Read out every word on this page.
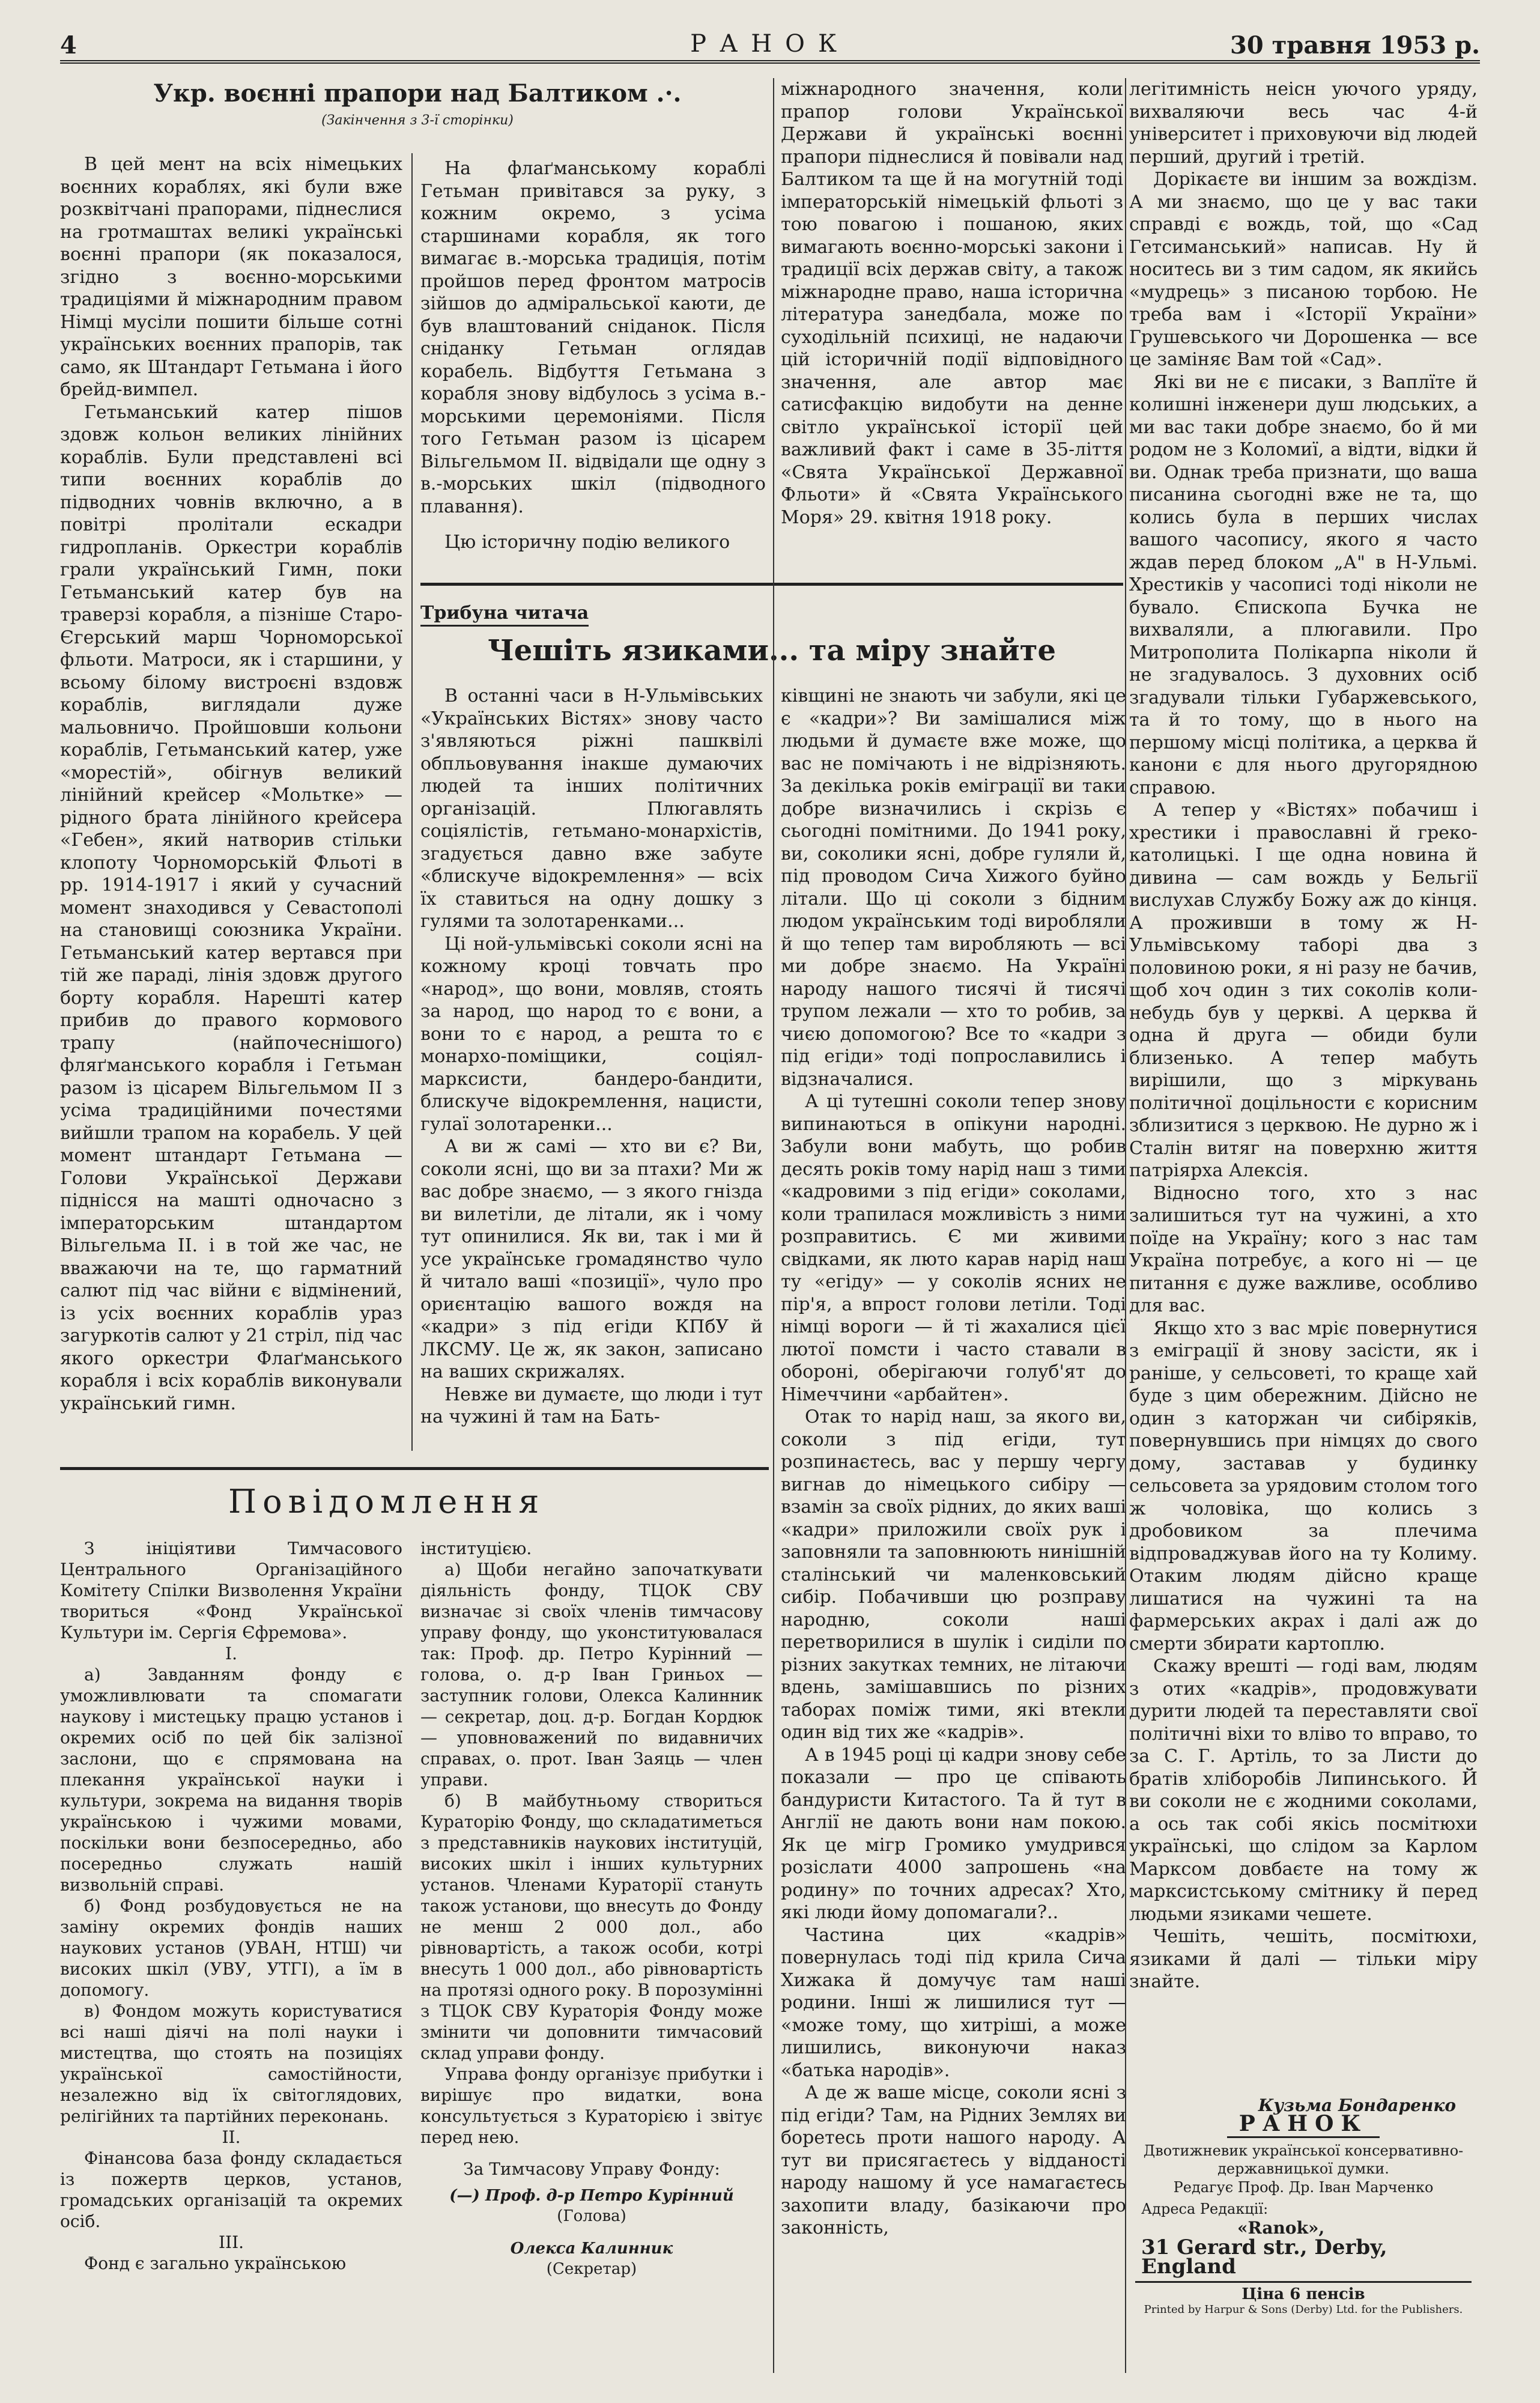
4	РАНОК	30 травня 1953 р.
Укр. воєнні прапори над Балтиком .·.
(Закінчення з 3-ї сторінки)

В цей мент на всіх німецьких воєнних кораблях, які були вже розквітчані прапорами, піднеслися на гротмаштах великі українські воєнні прапори (як показалося, згідно з воєнно-морськими традиціями й міжнародним правом Німці мусіли пошити більше сотні українських воєнних прапорів, так само, як Штандарт Гетьмана і його брейд-вимпел.

Гетьманський катер пішов здовж кольон великих лінійних кораблів. Були представлені всі типи воєнних кораблів до підводних човнів включно, а в повітрі пролітали ескадри гидропланів. Оркестри кораблів грали український Гимн, поки Гетьманський катер був на траверзі корабля, а пізніше Старо-Єгерський марш Чорноморської фльоти. Матроси, як і старшини, у всьому білому вистроєні вздовж кораблів, виглядали дуже мальовничо. Пройшовши кольони кораблів, Гетьманський катер, уже «морестій», обігнув великий лінійний крейсер «Мольтке» — рідного брата лінійного крейсера «Гебен», який натворив стільки клопоту Чорноморській Фльоті в рр. 1914-1917 і який у сучасний момент знаходився у Севастополі на становищі союзника України. Гетьманський катер вертався при тій же параді, лінія здовж другого борту корабля. Нарешті катер прибив до правого кормового трапу (найпочеснішого) фляґманського корабля і Гетьман разом із цісарем Вільгельмом II з усіма традиційними почестями вийшли трапом на корабель. У цей момент штандарт Гетьмана — Голови Української Держави піднісся на машті одночасно з імператорським штандартом Вільгельма II. і в той же час, не вважаючи на те, що гарматний салют під час війни є відмінений, із усіх воєнних кораблів ураз загуркотів салют у 21 стріл, під час якого оркестри Флаґманського корабля і всіх кораблів виконували український гимн.

На флаґманському кораблі Гетьман привітався за руку, з кожним окремо, з усіма старшинами корабля, як того вимагає в.-морська традиція, потім пройшов перед фронтом матросів зійшов до адміральської каюти, де був влаштований сніданок. Після сніданку Гетьман оглядав корабель. Відбуття Гетьмана з корабля знову відбулось з усіма в.-морськими церемоніями. Після того Гетьман разом із цісарем Вільгельмом II. відвідали ще одну з в.-морських шкіл (підводного плавання).

Цю історичну подію великого

міжнародного значення, коли прапор голови Української Держави й українські воєнні прапори піднеслися й повівали над Балтиком та ще й на могутній тоді імператорській німецькій фльоті з тою повагою і пошаною, яких вимагають воєнно-морські закони і традиції всіх держав світу, а також міжнародне право, наша історична література занедбала, може по суходільній психиці, не надаючи цій історичній події відповідного значення, але автор має сатисфакцію видобути на денне світло української історії цей важливий факт і саме в 35-ліття «Свята Української Державної Фльоти» й «Свята Українського Моря» 29. квітня 1918 року.

Трибуна читача
Чешіть язиками... та міру знайте

В останні часи в Н-Ульмівських «Українських Вістях» знову часто з'являються ріжні пашквілі обпльовування інакше думаючих людей та інших політичних організацій. Плюгавлять соціялістів, гетьмано-монархістів, згадується давно вже забуте «блискуче відокремлення» — всіх їх ставиться на одну дошку з гулями та золотаренками...

Ці ной-ульмівські соколи ясні на кожному кроці товчать про «народ», що вони, мовляв, стоять за народ, що народ то є вони, а вони то є народ, а решта то є монархо-поміщики, соціял-марксисти, бандеро-бандити, блискуче відокремлення, нацисти, гулаї золотаренки...

А ви ж самі — хто ви є? Ви, соколи ясні, що ви за птахи? Ми ж вас добре знаємо, — з якого гнізда ви вилетіли, де літали, як і чому тут опинилися. Як ви, так і ми й усе українське громадянство чуло й читало ваші «позиції», чуло про ориєнтацію вашого вождя на «кадри» з під егіди КПбУ й ЛКСМУ. Це ж, як закон, записано на ваших скрижалях.

Невже ви думаєте, що люди і тут на чужині й там на Бать-

ківщині не знають чи забули, які це є «кадри»? Ви замішалися між людьми й думаєте вже може, що вас не помічають і не відрізняють. За декілька років еміграції ви таки добре визначились і скрізь є сьогодні помітними. До 1941 року, ви, соколики ясні, добре гуляли й, під проводом Сича Хижого буйно літали. Що ці соколи з бідним людом українським тоді виробляли й що тепер там виробляють — всі ми добре знаємо. На Україні народу нашого тисячі й тисячі трупом лежали — хто то робив, за чиєю допомогою? Все то «кадри з під егіди» тоді попрославились і відзначалися.

А ці тутешні соколи тепер знову випинаються в опікуни народні. Забули вони мабуть, що робив десять років тому нарід наш з тими «кадровими з під егіди» соколами, коли трапилася можливість з ними розправитись. Є ми живими свідками, як люто карав нарід наш ту «егіду» — у соколів ясних не пір'я, а впрост голови летіли. Тоді німці вороги — й ті жахалися цієї лютої помсти і часто ставали в обороні, оберігаючи голуб'ят до Німеччини «арбайтен».

Отак то нарід наш, за якого ви, соколи з під егіди, тут розпинаєтесь, вас у першу чергу вигнав до німецького сибіру — взамін за своїх рідних, до яких ваші «кадри» приложили своїх рук і заповняли та заповнюють нинішній сталінський чи маленковський сибір. Побачивши цю розправу народню, соколи наші перетворилися в шулік і сиділи по різних закутках темних, не літаючи вдень, замішавшись по різних таборах поміж тими, які втекли один від тих же «кадрів».

А в 1945 році ці кадри знову себе показали — про це співають бандуристи Китастого. Та й тут в Англії не дають вони нам покою. Як це мігр Громико умудрився розіслати 4000 запрошень «на родину» по точних адресах? Хто, які люди йому допомагали?..

Частина цих «кадрів» повернулась тоді під крила Сича Хижака й домучує там наші родини. Інші ж лишилися тут — «може тому, що хитріші, а може лишились, виконуючи наказ «батька народів».

А де ж ваше місце, соколи ясні з під егіди? Там, на Рідних Землях ви боретесь проти нашого народу. А тут ви присягаєтесь у відданості народу нашому й усе намагаєтесь захопити владу, базікаючи про законність,

легітимність неісн уючого уряду, вихваляючи весь час 4-й університет і приховуючи від людей перший, другий і третій.

Дорікаєте ви іншим за вождізм. А ми знаємо, що це у вас таки справді є вождь, той, що «Сад Гетсиманський» написав. Ну й носитесь ви з тим садом, як якийсь «мудрець» з писаною торбою. Не треба вам і «Історії України» Грушевського чи Дорошенка — все це заміняє Вам той «Сад».

Які ви не є писаки, з Ваплїте й колишні інженери душ людських, а ми вас таки добре знаємо, бо й ми родом не з Коломиї, а відти, відки й ви. Однак треба признати, що ваша писанина сьогодні вже не та, що колись була в перших числах вашого часопису, якого я часто ждав перед блоком „А" в Н-Ульмі. Хрестиків у часописі тоді ніколи не бувало. Єпископа Бучка не вихваляли, а плюгавили. Про Митрополита Полікарпа ніколи й не згадувалось. З духовних осіб згадували тільки Губаржевського, та й то тому, що в нього на першому місці політика, а церква й канони є для нього другорядною справою.

А тепер у «Вістях» побачиш і хрестики і православні й греко-католицькі. І ще одна новина й дивина — сам вождь у Бельгії вислухав Службу Божу аж до кінця. А проживши в тому ж Н-Ульмівському таборі два з половиною роки, я ні разу не бачив, щоб хоч один з тих соколів коли-небудь був у церкві. А церква й одна й друга — обиди були близенько. А тепер мабуть вирішили, що з міркувань політичної доцільности є корисним зблизитися з церквою. Не дурно ж і Сталін витяг на поверхню життя патріярха Алексія.

Відносно того, хто з нас залишиться тут на чужині, а хто поїде на Україну; кого з нас там Україна потребує, а кого ні — це питання є дуже важливе, особливо для вас.

Якщо хто з вас мріє повернутися з еміграції й знову засісти, як і раніше, у сельсоветі, то краще хай буде з цим обережним. Дійсно не один з каторжан чи сибіряків, повернувшись при німцях до свого дому, заставав у будинку сельсовета за урядовим столом того ж чоловіка, що колись з дробовиком за плечима відпроваджував його на ту Колиму. Отаким людям дійсно краще лишатися на чужині та на фармерських акрах і далі аж до смерти збирати картоплю.

Скажу врешті — годі вам, людям з отих «кадрів», продовжувати дурити людей та переставляти свої політичні віхи то вліво то вправо, то за С. Г. Артіль, то за Листи до братів хліборобів Липинського. Й ви соколи не є жодними соколами, а ось так собі якісь посмітюхи українські, що слідом за Карлом Марксом довбаєте на тому ж марксистському смітнику й перед людьми язиками чешете.

Чешіть, чешіть, посмітюхи, язиками й далі — тільки міру знайте.

Кузьма Бондаренко
Повідомлення

З ініціятиви Тимчасового Центрального Організаційного Комітету Спілки Визволення України твориться «Фонд Української Культури ім. Сергія Єфремова».

I.

а) Завданням фонду є уможливлювати та спомагати наукову і мистецьку працю установ і окремих осіб по цей бік залізної заслони, що є спрямована на плекання української науки і культури, зокрема на видання творів українською і чужими мовами, поскільки вони безпосередньо, або посередньо служать нашій визвольній справі.

б) Фонд розбудовується не на заміну окремих фондів наших наукових установ (УВАН, НТШ) чи високих шкіл (УВУ, УТГІ), а їм в допомогу.

в) Фондом можуть користуватися всі наші діячі на полі науки і мистецтва, що стоять на позиціях української самостійности, незалежно від їх світоглядових, релігійних та партійних переконань.

II.

Фінансова база фонду складається із пожертв церков, установ, громадських організацій та окремих осіб.

III.

Фонд є загально українською

інституцією.

а) Щоби негайно започаткувати діяльність фонду, ТЦОК СВУ визначає зі своїх членів тимчасову управу фонду, що уконституювалася так: Проф. др. Петро Курінний — голова, о. д-р Іван Гриньох — заступник голови, Олекса Калинник — секретар, доц. д-р. Богдан Кордюк — уповноважений по видавничих справах, о. прот. Іван Заяць — член управи.

б) В майбутньому створиться Кураторію Фонду, що складатиметься з представників наукових інституцій, високих шкіл і інших культурних установ. Членами Кураторії стануть також установи, що внесуть до Фонду не менш 2 000 дол., або рівновартість, а також особи, котрі внесуть 1 000 дол., або рівновартість на протязі одного року. В порозумінні з ТЦОК СВУ Кураторія Фонду може змінити чи доповнити тимчасовий склад управи фонду.

Управа фонду організує прибутки і вирішує про видатки, вона консультується з Кураторією і звітує перед нею.

За Тимчасову Управу Фонду:

(—) Проф. д-р Петро Курінний
(Голова)
Олекса Калинник
(Секретар)
РАНОК
Двотижневик української консервативно-державницької думки.
Редагує Проф. Др. Іван Марченко
Адреса Редакції:
«Ranok»,
31 Gerard str., Derby, England
Ціна 6 пенсів
Printed by Harpur & Sons (Derby) Ltd. for the Publishers.
